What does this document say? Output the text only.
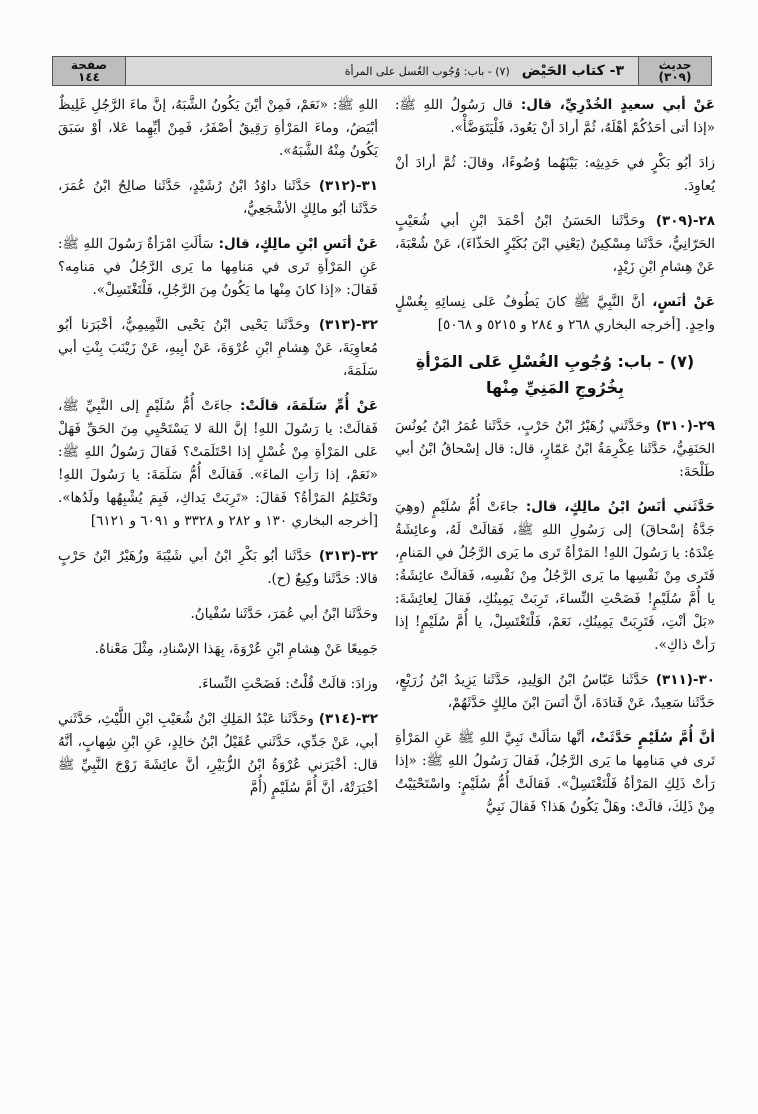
حديث
(٣٠٩)
٣- كتاب الحَيْض
(٧) - باب: وُجُوب الغُسل على المرأة
صفحة
١٤٤

عَنْ أبي سعيدٍ الخُدْرِيِّ، قال: قال رَسُولُ اللهِ ﷺ: «إذا أتى أحَدُكُمْ أهْلَهُ، ثُمَّ أرادَ أنْ يَعُودَ، فَلْيَتَوَضَّأْ».

زادَ أبُو بَكْرٍ في حَدِيثِه: بَيْنَهُما وُضُوءًا، وقالَ: ثُمَّ أرادَ أنْ يُعاوِدَ.

٢٨-(٣٠٩) وحَدَّثَنا الحَسَنُ ابْنُ أحْمَدَ ابْنِ أبي شُعَيْبٍ الحَرّانِيُّ، حَدَّثَنا مِسْكِينٌ (يَعْنِي ابْنَ بُكَيْرٍ الحَذّاءَ)، عَنْ شُعْبَةَ، عَنْ هِشامِ ابْنِ زَيْدٍ،

عَنْ أنَسٍ، أنَّ النَّبِيَّ ﷺ كانَ يَطُوفُ عَلى نِسائِهِ بِغُسْلٍ واحِدٍ. [أخرجه البخاري ٢٦٨ و ٢٨٤ و ٥٢١٥ و ٥٠٦٨]

(٧) - باب: وُجُوبِ الغُسْلِ عَلى المَرْأةِ بِخُرُوجِ المَنِيِّ مِنْها

٢٩-(٣١٠) وحَدَّثَني زُهَيْرُ ابْنُ حَرْبٍ، حَدَّثَنا عُمَرُ ابْنُ يُونُسَ الحَنَفِيُّ، حَدَّثَنا عِكْرِمَةُ ابْنُ عَمّارٍ، قال: قال إسْحاقُ ابْنُ أبي طَلْحَةَ:

حَدَّثَني أنَسُ ابْنُ مالِكٍ، قال: جاءَتْ أُمُّ سُلَيْمٍ (وهِيَ جَدَّةُ إسْحاقَ) إلى رَسُولِ اللهِ ﷺ، فَقالَتْ لَهُ، وعائِشَةُ عِنْدَهُ: يا رَسُولَ اللهِ! المَرْأةُ تَرى ما يَرى الرَّجُلُ في المَنامِ، فَتَرى مِنْ نَفْسِها ما يَرى الرَّجُلُ مِنْ نَفْسِه، فَقالَتْ عائِشَةُ: يا أُمَّ سُلَيْمٍ! فَضَحْتِ النِّساءَ، تَرِبَتْ يَمِينُكِ، فَقالَ لِعائِشَةَ: «بَلْ أنْتِ، فَتَرِبَتْ يَمِينُكِ، نَعَمْ، فَلْتَغْتَسِلْ، يا أُمَّ سُلَيْمٍ! إذا رَأتْ ذاكِ».

٣٠-(٣١١) حَدَّثَنا عَبّاسُ ابْنُ الوَلِيدِ، حَدَّثَنا يَزِيدُ ابْنُ زُرَيْعٍ، حَدَّثَنا سَعِيدٌ، عَنْ قَتادَةَ، أنَّ أنَسَ ابْنَ مالِكٍ حَدَّثَهُمْ،

أنَّ أُمَّ سُلَيْمٍ حَدَّثَتْ، أنَّها سَألَتْ نَبِيَّ اللهِ ﷺ عَنِ المَرْأةِ تَرى في مَنامِها ما يَرى الرَّجُلُ، فَقالَ رَسُولُ اللهِ ﷺ: «إذا رَأتْ ذَلِكِ المَرْأةُ فَلْتَغْتَسِلْ». فَقالَتْ أُمُّ سُلَيْمٍ: واسْتَحْيَيْتُ مِنْ ذَلِكَ، قالَتْ: وهَلْ يَكُونُ هَذا؟ فَقالَ نَبِيُّ

اللهِ ﷺ: «نَعَمْ، فَمِنْ أيْنَ يَكُونُ الشَّبَهُ، إنَّ ماءَ الرَّجُلِ غَلِيظٌ أبْيَضُ، وماءَ المَرْأةِ رَقِيقٌ أصْفَرُ، فَمِنْ أيِّهِما عَلا، أوْ سَبَقَ يَكُونُ مِنْهُ الشَّبَهُ».

٣١-(٣١٢) حَدَّثَنا داوُدُ ابْنُ رُشَيْدٍ، حَدَّثَنا صالِحُ ابْنُ عُمَرَ، حَدَّثَنا أبُو مالِكٍ الأشْجَعِيُّ،

عَنْ أنَسِ ابْنِ مالِكٍ، قال: سَألَتِ امْرَأةٌ رَسُولَ اللهِ ﷺ: عَنِ المَرْأةِ تَرى في مَنامِها ما يَرى الرَّجُلُ في مَنامِه؟ فَقالَ: «إذا كانَ مِنْها ما يَكُونُ مِنَ الرَّجُلِ، فَلْتَغْتَسِلْ».

٣٢-(٣١٣) وحَدَّثَنا يَحْيى ابْنُ يَحْيى التَّمِيمِيُّ، أخْبَرَنا أبُو مُعاوِيَةَ، عَنْ هِشامِ ابْنِ عُرْوَةَ، عَنْ أبِيهِ، عَنْ زَيْنَبَ بِنْتِ أبي سَلَمَةَ،

عَنْ أُمِّ سَلَمَةَ، قالَتْ: جاءَتْ أُمُّ سُلَيْمٍ إلى النَّبِيِّ ﷺ، فَقالَتْ: يا رَسُولَ اللهِ! إنَّ اللهَ لا يَسْتَحْيِي مِنَ الحَقِّ فَهَلْ عَلى المَرْأةِ مِنْ غُسْلٍ إذا احْتَلَمَتْ؟ فَقالَ رَسُولُ اللهِ ﷺ: «نَعَمْ، إذا رَأتِ الماءَ». فَقالَتْ أُمُّ سَلَمَةَ: يا رَسُولَ اللهِ! وتَحْتَلِمُ المَرْأةُ؟ فَقالَ: «تَرِبَتْ يَداكِ، فَبِمَ يُشْبِهُها ولَدُها». [أخرجه البخاري ١٣٠ و ٢٨٢ و ٣٣٢٨ و ٦٠٩١ و ٦١٢١]

٣٢-(٣١٣) حَدَّثَنا أبُو بَكْرِ ابْنُ أبي شَيْبَةَ وزُهَيْرُ ابْنُ حَرْبٍ قالا: حَدَّثَنا وكِيعٌ (ح).

وحَدَّثَنا ابْنُ أبي عُمَرَ، حَدَّثَنا سُفْيانُ.

جَمِيعًا عَنْ هِشامِ ابْنِ عُرْوَةَ، بِهَذا الإسْنادِ، مِثْلَ مَعْناهُ.

وزادَ: قالَتْ قُلْتُ: فَضَحْتِ النِّساءَ.

٣٢-(٣١٤) وحَدَّثَنا عَبْدُ المَلِكِ ابْنُ شُعَيْبِ ابْنِ اللَّيْثِ، حَدَّثَني أبي، عَنْ جَدِّي، حَدَّثَني عُقَيْلُ ابْنُ خالِدٍ، عَنِ ابْنِ شِهابٍ، أنَّهُ قال: أخْبَرَني عُرْوَةُ ابْنُ الزُّبَيْرِ، أنَّ عائِشَةَ زَوْجَ النَّبِيِّ ﷺ أخْبَرَتْهُ، أنَّ أُمَّ سُلَيْمٍ (أُمَّ
